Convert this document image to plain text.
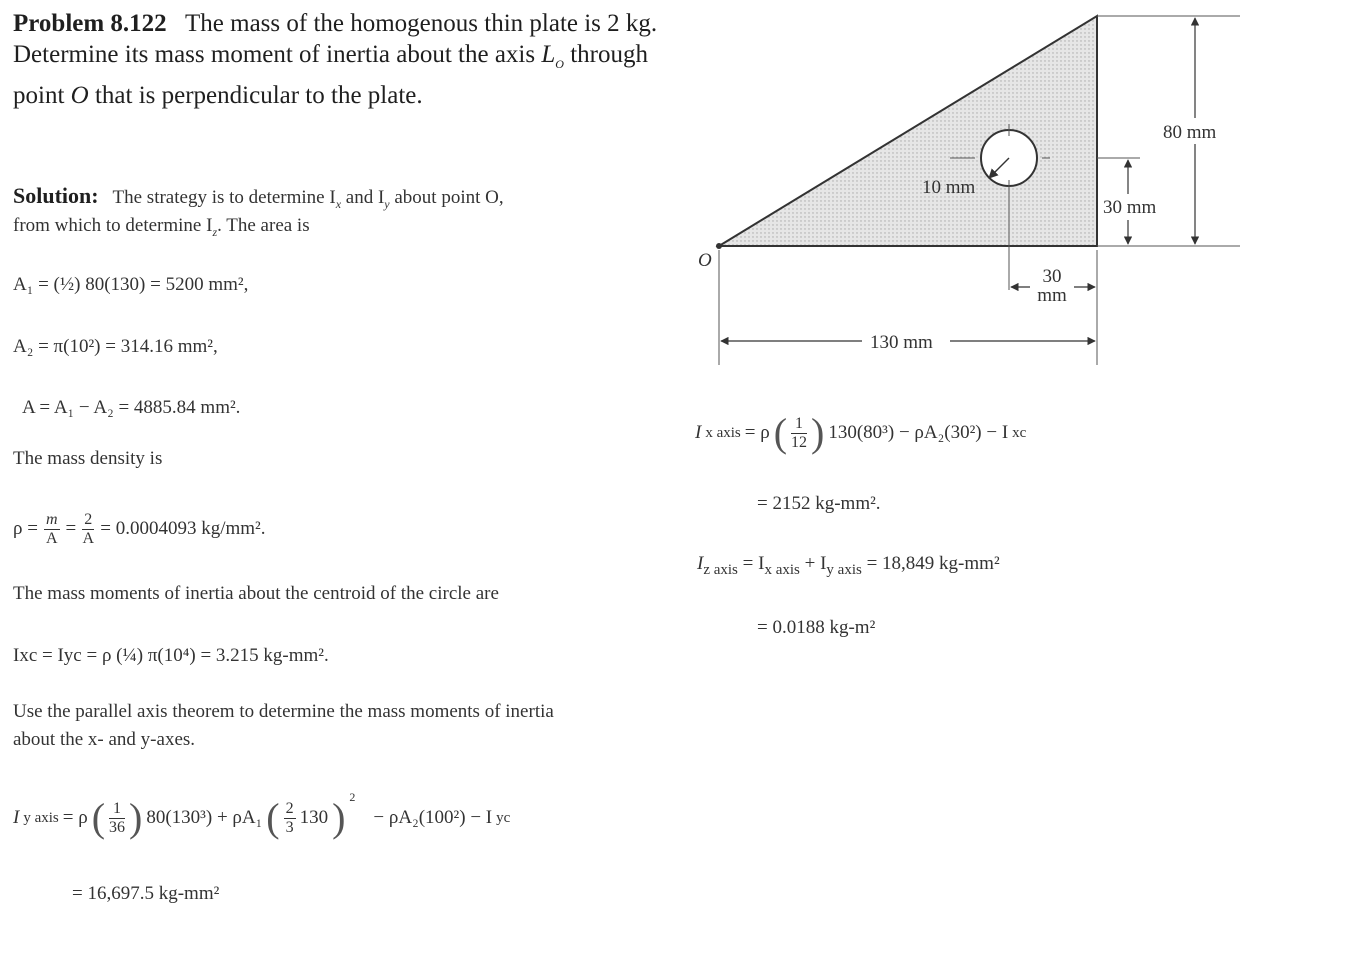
Problem 8.122 The mass of the homogenous thin plate is 2 kg. Determine its mass moment of inertia about the axis $L_O$ through point O that is perpendicular to the plate.
Solution: The strategy is to determine $I_x$ and $I_y$ about point O,
from which to determine $I_z$. The area is
A₁ = (½) 80(130) = 5200 mm²,
A₂ = π(10²) = 314.16 mm²,
A = A₁ − A₂ = 4885.84 mm².
The mass density is
$\rho = \frac{m}{A} = \frac{2}{A} = 0.0004093$ kg/mm².
The mass moments of inertia about the centroid of the circle are
Ixc = Iyc = ρ (¼) π(10⁴) = 3.215 kg-mm².
Use the parallel axis theorem to determine the mass moments of inertia
about the x- and y-axes.
I y axis = ρ ( $\frac{1}{36}$ ) 80(130³) + ρA₁ ( $\frac{2}{3} 130$ ) $^2$
− ρA₂(100²) − I yc
= 16,697.5 kg-mm²
I x axis = ρ ( $\frac{1}{12}$ ) 130(80³) − ρA₂(30²) − I xc
= 2152 kg-mm².
$I_{z axis} = I_{x axis} + I_{y axis} = 18,849$ kg-mm²
= 0.0188 kg-m²
80 mm
30 mm
10 mm
30
mm
130 mm
O
